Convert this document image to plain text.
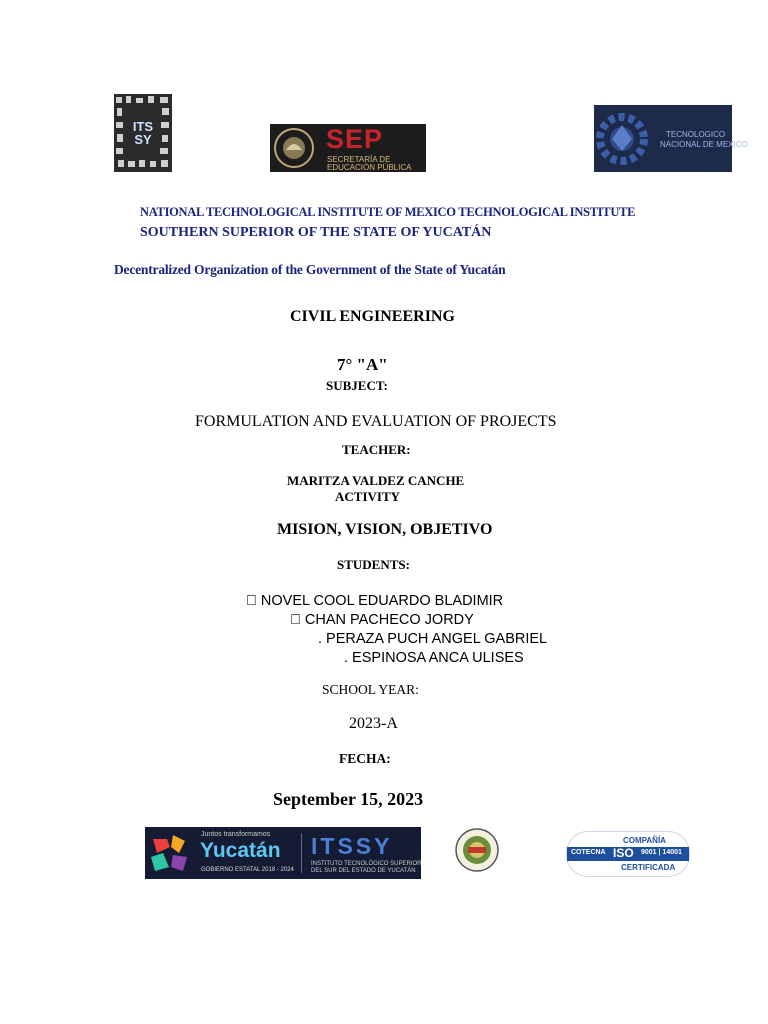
ITS SY	SEP
SECRETARÍA DE
EDUCACIÓN PÚBLICA
TECNOLOGICO
NACIONAL DE MEXICO
NATIONAL TECHNOLOGICAL INSTITUTE OF MEXICO TECHNOLOGICAL INSTITUTE
SOUTHERN SUPERIOR OF THE STATE OF YUCATÁN
Decentralized Organization of the Government of the State of Yucatán
CIVIL ENGINEERING
7° "A"
SUBJECT:
FORMULATION AND EVALUATION OF PROJECTS
TEACHER:
MARITZA VALDEZ CANCHE
ACTIVITY
MISION, VISION, OBJETIVO
STUDENTS:
NOVEL COOL EDUARDO BLADIMIR
CHAN PACHECO JORDY
. PERAZA PUCH ANGEL GABRIEL
. ESPINOSA ANCA ULISES
SCHOOL YEAR:
2023-A
FECHA:
September 15, 2023
Juntos transformamos
Yucatán
GOBIERNO ESTATAL 2018 - 2024
ITSSY
INSTITUTO TECNOLÓGICO SUPERIOR
DEL SUR DEL ESTADO DE YUCATÁN
COMPAÑÍA
COTECNA ISO 9001 | 14001
CERTIFICADA
